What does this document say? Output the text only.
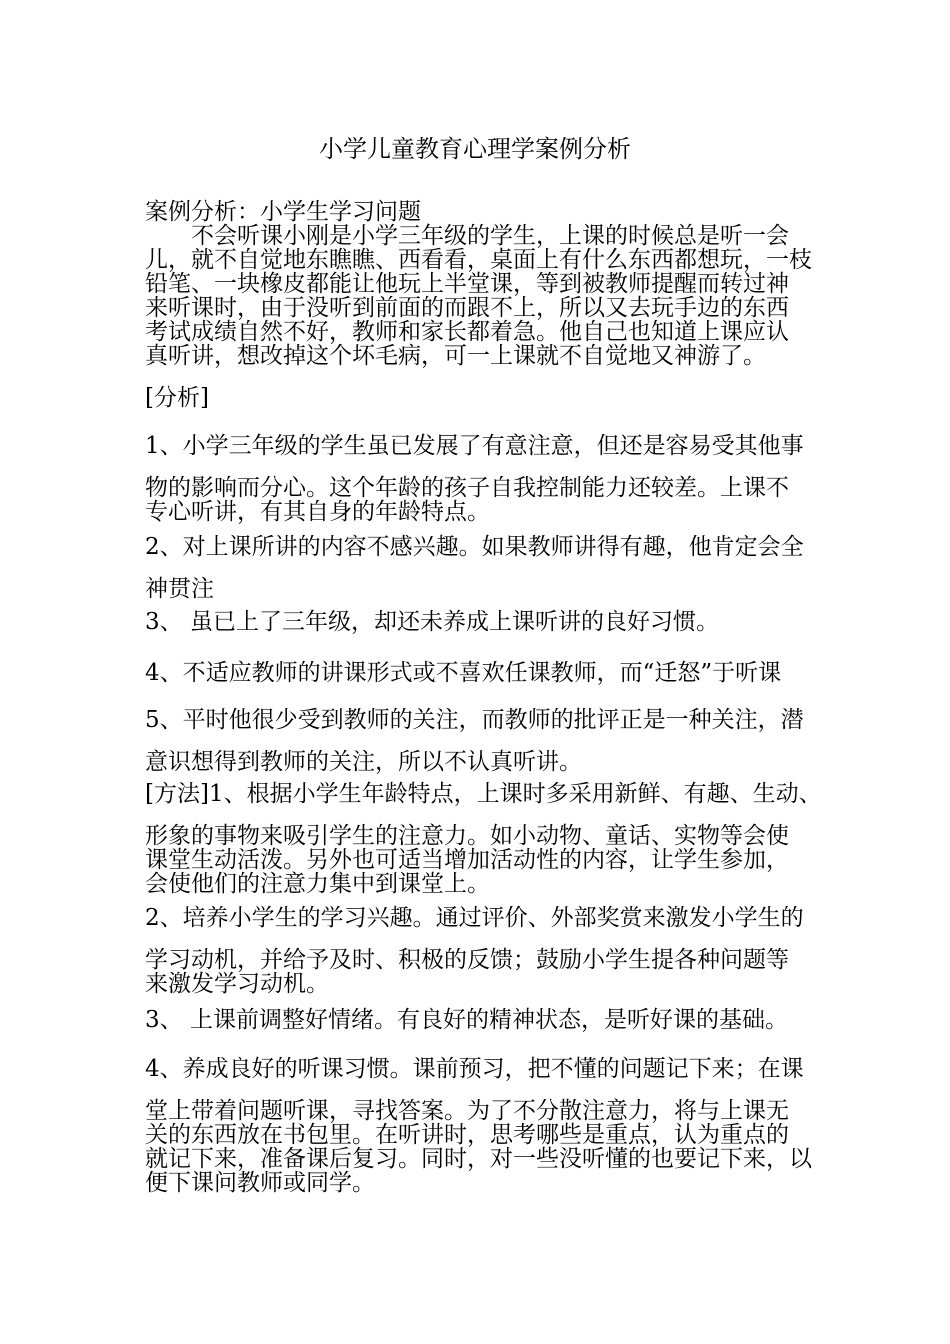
小学儿童教育心理学案例分析
案例分析：小学生学习问题
　　不会听课小刚是小学三年级的学生，上课的时候总是听一会
儿，就不自觉地东瞧瞧、西看看，桌面上有什么东西都想玩，一枝
铅笔、一块橡皮都能让他玩上半堂课，等到被教师提醒而转过神
来听课时，由于没听到前面的而跟不上，所以又去玩手边的东西
考试成绩自然不好，教师和家长都着急。他自己也知道上课应认
真听讲，想改掉这个坏毛病，可一上课就不自觉地又神游了。
[分析]
1、小学三年级的学生虽已发展了有意注意，但还是容易受其他事
物的影响而分心。这个年龄的孩子自我控制能力还较差。上课不
专心听讲，有其自身的年龄特点。
2、对上课所讲的内容不感兴趣。如果教师讲得有趣，他肯定会全
神贯注
3、 虽已上了三年级，却还未养成上课听讲的良好习惯。
4、不适应教师的讲课形式或不喜欢任课教师，而“迁怒”于听课
5、平时他很少受到教师的关注，而教师的批评正是一种关注，潜
意识想得到教师的关注，所以不认真听讲。
[方法]1、根据小学生年龄特点，上课时多采用新鲜、有趣、生动、
形象的事物来吸引学生的注意力。如小动物、童话、实物等会使
课堂生动活泼。另外也可适当增加活动性的内容，让学生参加，
会使他们的注意力集中到课堂上。
2、培养小学生的学习兴趣。通过评价、外部奖赏来激发小学生的
学习动机，并给予及时、积极的反馈；鼓励小学生提各种问题等
来激发学习动机。
3、 上课前调整好情绪。有良好的精神状态，是听好课的基础。
4、养成良好的听课习惯。课前预习，把不懂的问题记下来；在课
堂上带着问题听课，寻找答案。为了不分散注意力，将与上课无
关的东西放在书包里。在听讲时，思考哪些是重点，认为重点的
就记下来，准备课后复习。同时，对一些没听懂的也要记下来，以
便下课问教师或同学。
